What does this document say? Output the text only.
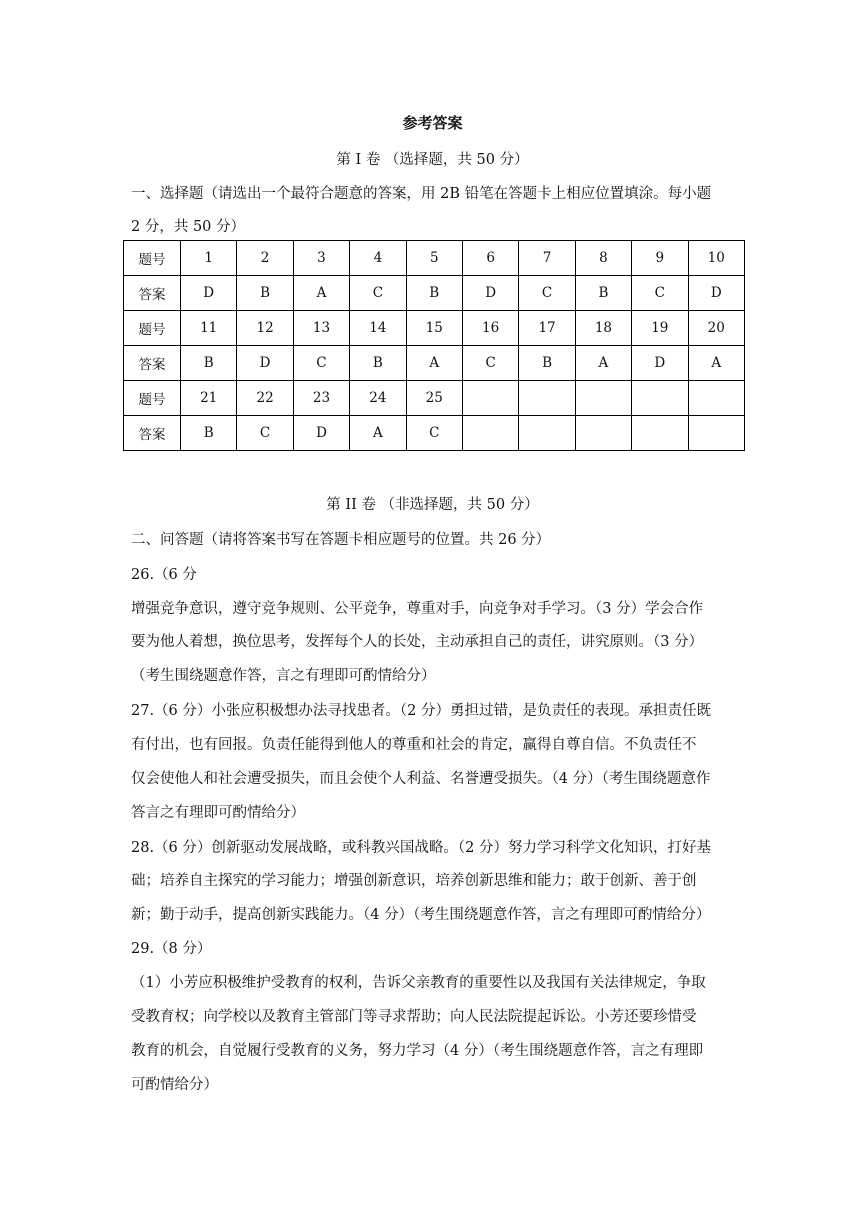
参考答案
第 I 卷 （选择题，共 50 分）
一、选择题（请选出一个最符合题意的答案，用 2B 铅笔在答题卡上相应位置填涂。每小题
2 分，共 50 分）
题号	1	2	3	4	5	6	7	8	9	10
答案	D	B	A	C	B	D	C	B	C	D
题号	11	12	13	14	15	16	17	18	19	20
答案	B	D	C	B	A	C	B	A	D	A
题号	21	22	23	24	25					
答案	B	C	D	A	C					
第 II 卷 （非选择题，共 50 分）
二、问答题（请将答案书写在答题卡相应题号的位置。共 26 分）
26.（6 分
增强竞争意识，遵守竞争规则、公平竞争，尊重对手，向竞争对手学习。（3 分）学会合作
要为他人着想，换位思考，发挥每个人的长处，主动承担自己的责任，讲究原则。（3 分）
（考生围绕题意作答，言之有理即可酌情给分）
27.（6 分）小张应积极想办法寻找患者。（2 分）勇担过错，是负责任的表现。承担责任既
有付出，也有回报。负责任能得到他人的尊重和社会的肯定，赢得自尊自信。不负责任不
仅会使他人和社会遭受损失，而且会使个人利益、名誉遭受损失。（4 分）（考生围绕题意作
答言之有理即可酌情给分）
28.（6 分）创新驱动发展战略，或科教兴国战略。（2 分）努力学习科学文化知识，打好基
础；培养自主探究的学习能力；增强创新意识，培养创新思维和能力；敢于创新、善于创
新；勤于动手，提高创新实践能力。（4 分）（考生围绕题意作答，言之有理即可酌情给分）
29.（8 分）
（1）小芳应积极维护受教育的权利，告诉父亲教育的重要性以及我国有关法律规定，争取
受教育权；向学校以及教育主管部门等寻求帮助；向人民法院提起诉讼。小芳还要珍惜受
教育的机会，自觉履行受教育的义务，努力学习（4 分）（考生围绕题意作答，言之有理即
可酌情给分）
